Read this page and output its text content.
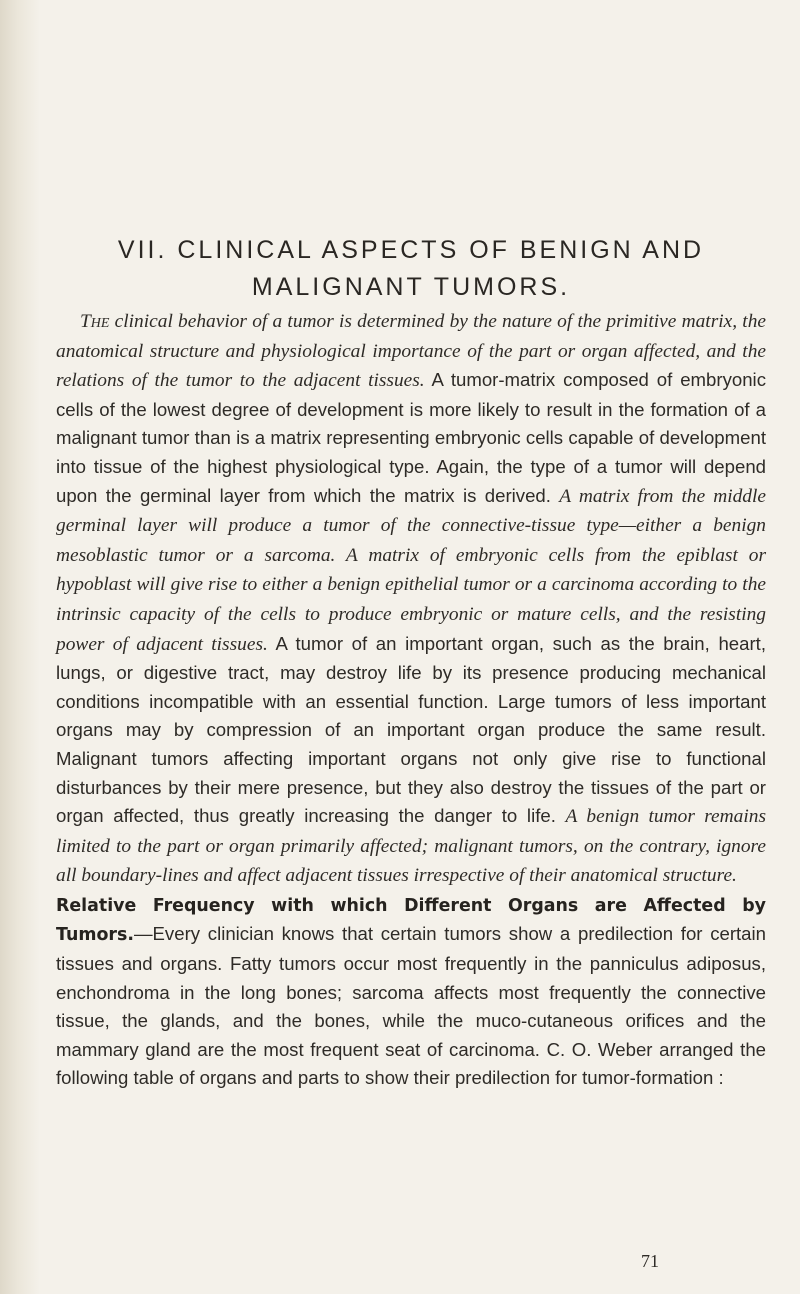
VII. CLINICAL ASPECTS OF BENIGN AND
MALIGNANT TUMORS.

The clinical behavior of a tumor is determined by the nature of the primitive matrix, the anatomical structure and physiological importance of the part or organ affected, and the relations of the tumor to the adjacent tissues. A tumor-matrix composed of embryonic cells of the lowest degree of development is more likely to result in the formation of a malignant tumor than is a matrix representing embryonic cells capable of development into tissue of the highest physiological type. Again, the type of a tumor will depend upon the germinal layer from which the matrix is derived. A matrix from the middle germinal layer will produce a tumor of the connective-tissue type—either a benign mesoblastic tumor or a sarcoma. A matrix of embryonic cells from the epiblast or hypoblast will give rise to either a benign epithelial tumor or a carcinoma according to the intrinsic capacity of the cells to produce embryonic or mature cells, and the resisting power of adjacent tissues. A tumor of an important organ, such as the brain, heart, lungs, or digestive tract, may destroy life by its presence producing mechanical conditions incompatible with an essential function. Large tumors of less important organs may by compression of an important organ produce the same result. Malignant tumors affecting important organs not only give rise to functional disturbances by their mere presence, but they also destroy the tissues of the part or organ affected, thus greatly increasing the danger to life. A benign tumor remains limited to the part or organ primarily affected; malignant tumors, on the contrary, ignore all boundary-lines and affect adjacent tissues irrespective of their anatomical structure.

Relative Frequency with which Different Organs are Affected by Tumors.—Every clinician knows that certain tumors show a predilection for certain tissues and organs. Fatty tumors occur most frequently in the panniculus adiposus, enchondroma in the long bones; sarcoma affects most frequently the connective tissue, the glands, and the bones, while the muco-cutaneous orifices and the mammary gland are the most frequent seat of carcinoma. C. O. Weber arranged the following table of organs and parts to show their predilection for tumor-formation :

71
